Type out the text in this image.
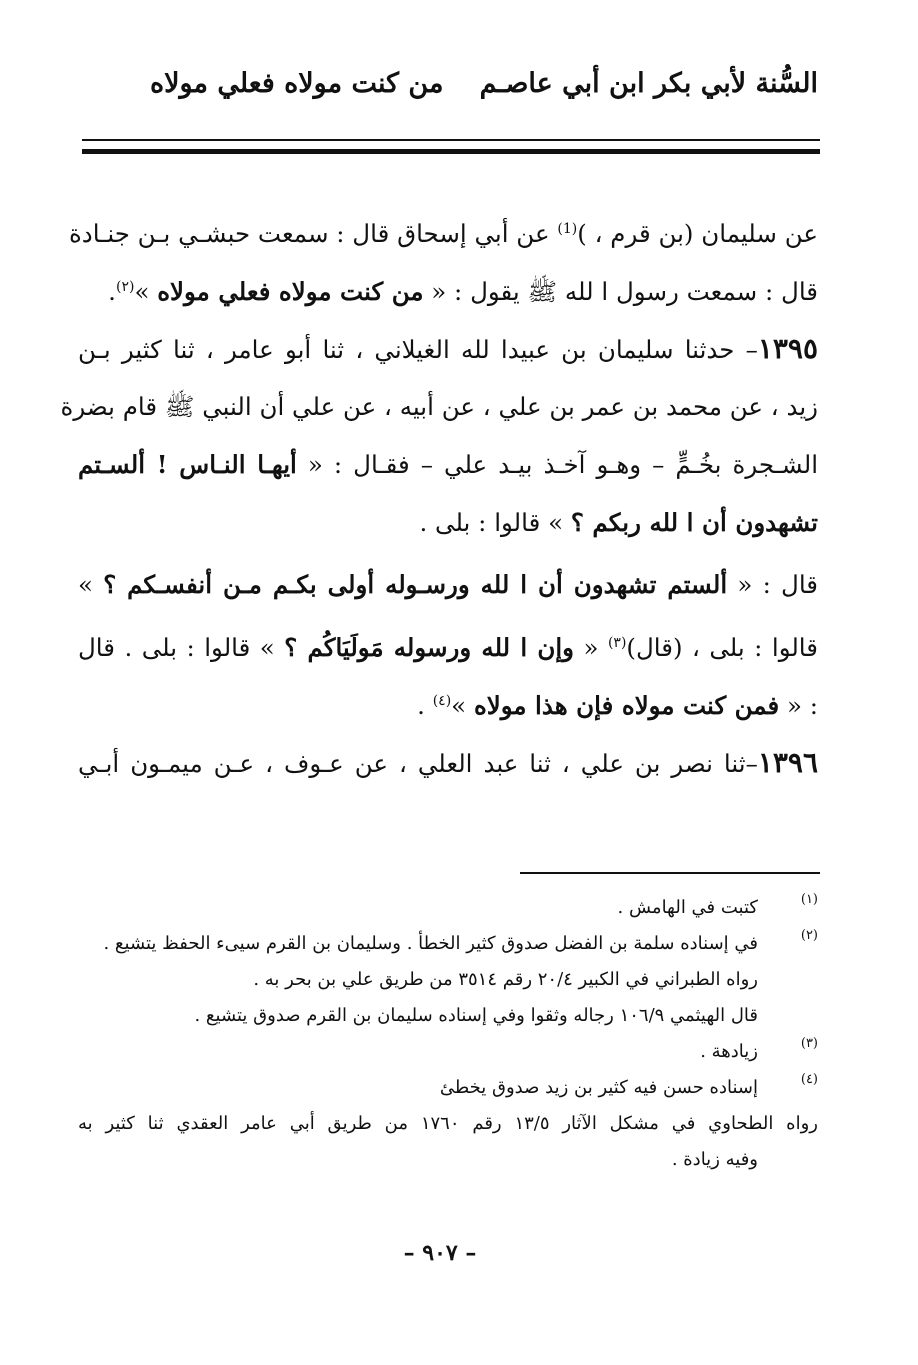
السُّنة لأبي بكر ابن أبي عاصـم
من كنت مولاه فعلي مولاه
عن سليمان (بن قرم ، )$^{(1)}$ عن أبي إسحاق قال : سمعت حبشـي بـن جنـادة
قال : سمعت رسول ا لله ﷺ يقول : « من كنت مولاه فعلي مولاه »$^{(٢)}$.
١٣٩٥– حدثنا سليمان بن عبيدا لله الغيلاني ، ثنا أبو عامر ، ثنا كثير بـن
زيد ، عن محمد بن عمر بن علي ، عن أبيه ، عن علي أن النبي ﷺ قام بضرة
الشـجرة بخُـمٍّ – وهـو آخـذ بيـد علي – فقـال : « أيهـا النـاس ! ألسـتم
تشهدون أن ا لله ربكم ؟ » قالوا : بلى .
قال : « ألستم تشهدون أن ا لله ورسـوله أولى بكـم مـن أنفسـكم ؟ »
قالوا : بلى ، (قال)$^{(٣)}$ « وإن ا لله ورسوله مَولَيَاكُم ؟ » قالوا : بلى . قال
: « فمن كنت مولاه فإن هذا مولاه »$^{(٤)}$ .
١٣٩٦–ثنا نصر بن علي ، ثنا عبد العلي ، عن عـوف ، عـن ميمـون أبـي
(١)
كتبت في الهامش .
(٢)
في إسناده سلمة بن الفضل صدوق كثير الخطأ . وسليمان بن القرم سيىء الحفظ يتشيع .
رواه الطبراني في الكبير ٢٠/٤ رقم ٣٥١٤ من طريق علي بن بحر به .
قال الهيثمي ١٠٦/٩ رجاله وثقوا وفي إسناده سليمان بن القرم صدوق يتشيع .
(٣)
زيادهة .
(٤)
إسناده حسن فيه كثير بن زيد صدوق يخطئ
رواه الطحاوي في مشكل الآثار ١٣/٥ رقم ١٧٦٠ من طريق أبي عامر العقدي ثنا كثير به
وفيه زيادة .
– ٩٠٧ –
